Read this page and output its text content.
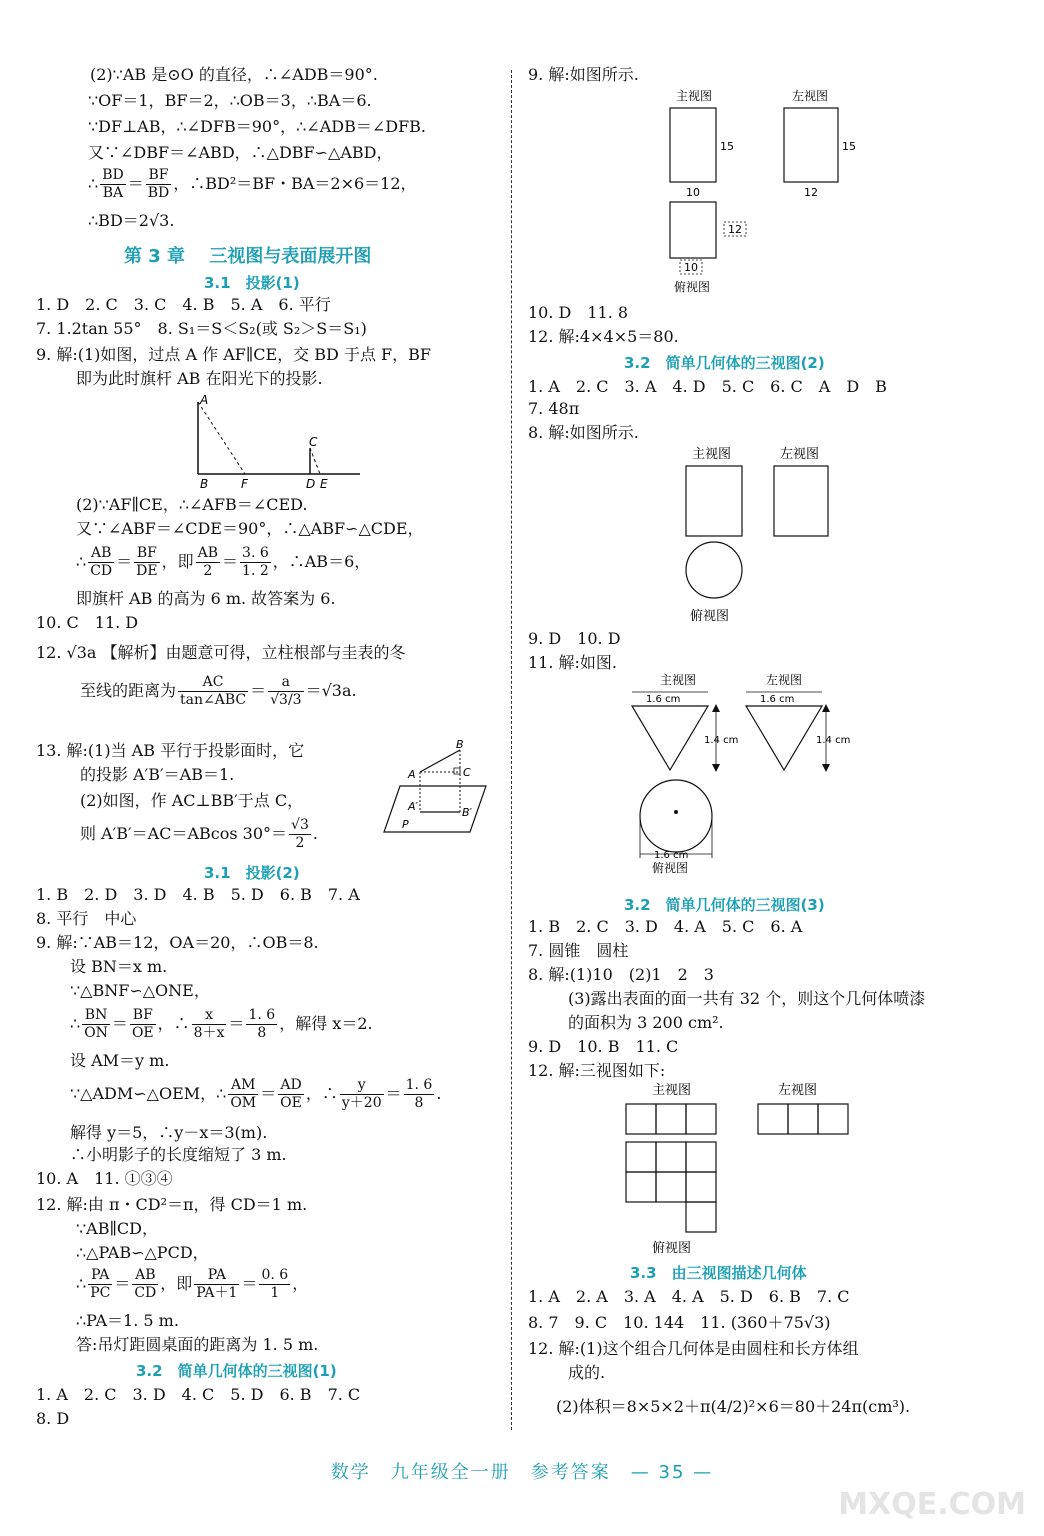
(2)∵AB 是⊙O 的直径，∴∠ADB＝90°.
∵OF＝1，BF＝2，∴OB＝3，∴BA＝6.
∵DF⊥AB，∴∠DFB＝90°，∴∠ADB＝∠DFB.
又∵∠DBF＝∠ABD，∴△DBF∽△ABD，
∴ $\frac{BD}{BA} = \frac{BF}{BD}$ ，∴BD²＝BF・BA＝2×6＝12，
∴BD＝2√3.
第 3 章　 三视图与表面展开图
3.1　投影(1)
1. D　2. C　3. C　4. B　5. A　6. 平行
7. 1.2tan 55°　8. S₁＝S＜S₂(或 S₂＞S＝S₁)
9. 解:(1)如图，过点 A 作 AF∥CE，交 BD 于点 F，BF
即为此时旗杆 AB 在阳光下的投影.
A
B	F
C
D E
(2)∵AF∥CE，∴∠AFB＝∠CED.
又∵∠ABF＝∠CDE＝90°，∴△ABF∽△CDE，
∴ $\frac{AB}{CD} = \frac{BF}{DE}$ ，即 $\frac{AB}{2} = \frac{3. 6}{1. 2}$ ，∴AB＝6，
即旗杆 AB 的高为 6 m. 故答案为 6.
10. C　11. D
12. √3a 【解析】由题意可得，立柱根部与圭表的冬
至线的距离为	AC
tan∠ABC ＝ $\frac{a}{√3/3} =√3a$.
13. 解:(1)当 AB 平行于投影面时，它
的投影 A′B′＝AB＝1.
(2)如图，作 AC⊥BB′于点 C，
则 A′B′＝AC＝ABcos $30^\circ= \frac{√3}{2}$ .
A
B
C
A′	B′
P
3.1　投影(2)
1. B　2. D　3. D　4. B　5. D　6. B　7. A
8. 平行　中心
9. 解:∵AB＝12，OA＝20，∴OB＝8.
设 BN＝x m.
∵△BNF∽△ONE，
∴ $\frac{BN}{ON} = \frac{BF}{OE}$ ，∴ $\frac{x}{8+x} = \frac{1. 6}{8}$ ，解得 x＝2.
设 AM＝y m.
∵△ADM∽△OEM，∴ $\frac{AM}{OM} = \frac{AD}{OE}$ ，∴ $\frac{y}{y+20} = \frac{1. 6}{8}$ .
解得 y＝5，∴y－x＝3(m).
∴小明影子的长度缩短了 3 m.
10. A　11. ①③④
12. 解:由 π・CD²＝π，得 CD＝1 m.
∵AB∥CD，
∴△PAB∽△PCD，
∴ $\frac{PA}{PC} = \frac{AB}{CD}$ ，即 $\frac{PA}{PA+1} = \frac{0. 6}{1}$ ，
∴PA＝1. 5 m.
答:吊灯距圆桌面的距离为 1. 5 m.
3.2　简单几何体的三视图(1)
1. A　2. C　3. D　4. C　5. D　6. B　7. C
8. D
9. 解:如图所示.
主视图
15
10
左视图
15
12
12
10
俯视图
10. D　11. 8
12. 解:4×4×5＝80.
3.2　简单几何体的三视图(2)
1. A　2. C　3. A　4. D　5. C　6. C　A　D　B
7. 48π
8. 解:如图所示.
主视图	左视图
俯视图
9. D　10. D
11. 解:如图.
主视图
1.6 cm
1.4 cm
左视图
1.6 cm
1.4 cm
1.6 cm
俯视图
3.2　简单几何体的三视图(3)
1. B　2. C　3. D　4. A　5. C　6. A
7. 圆锥　圆柱
8. 解:(1)10　(2)1　2　3
(3)露出表面的面一共有 32 个，则这个几何体喷漆
的面积为 3 200 cm².
9. D　10. B　11. C
12. 解:三视图如下:
主视图	左视图
俯视图
3.3　由三视图描述几何体
1. A　2. A　3. A　4. A　5. D　6. B　7. C
8. 7　9. C　10. 144　11. (360＋75√3)
12. 解:(1)这个组合几何体是由圆柱和长方体组
成的.
(2)体积＝8×5×2＋π(4/2)²×6＝80＋24π(cm³).
数学　九年级全一册　参考答案　— 35 —
MXQE.COM
